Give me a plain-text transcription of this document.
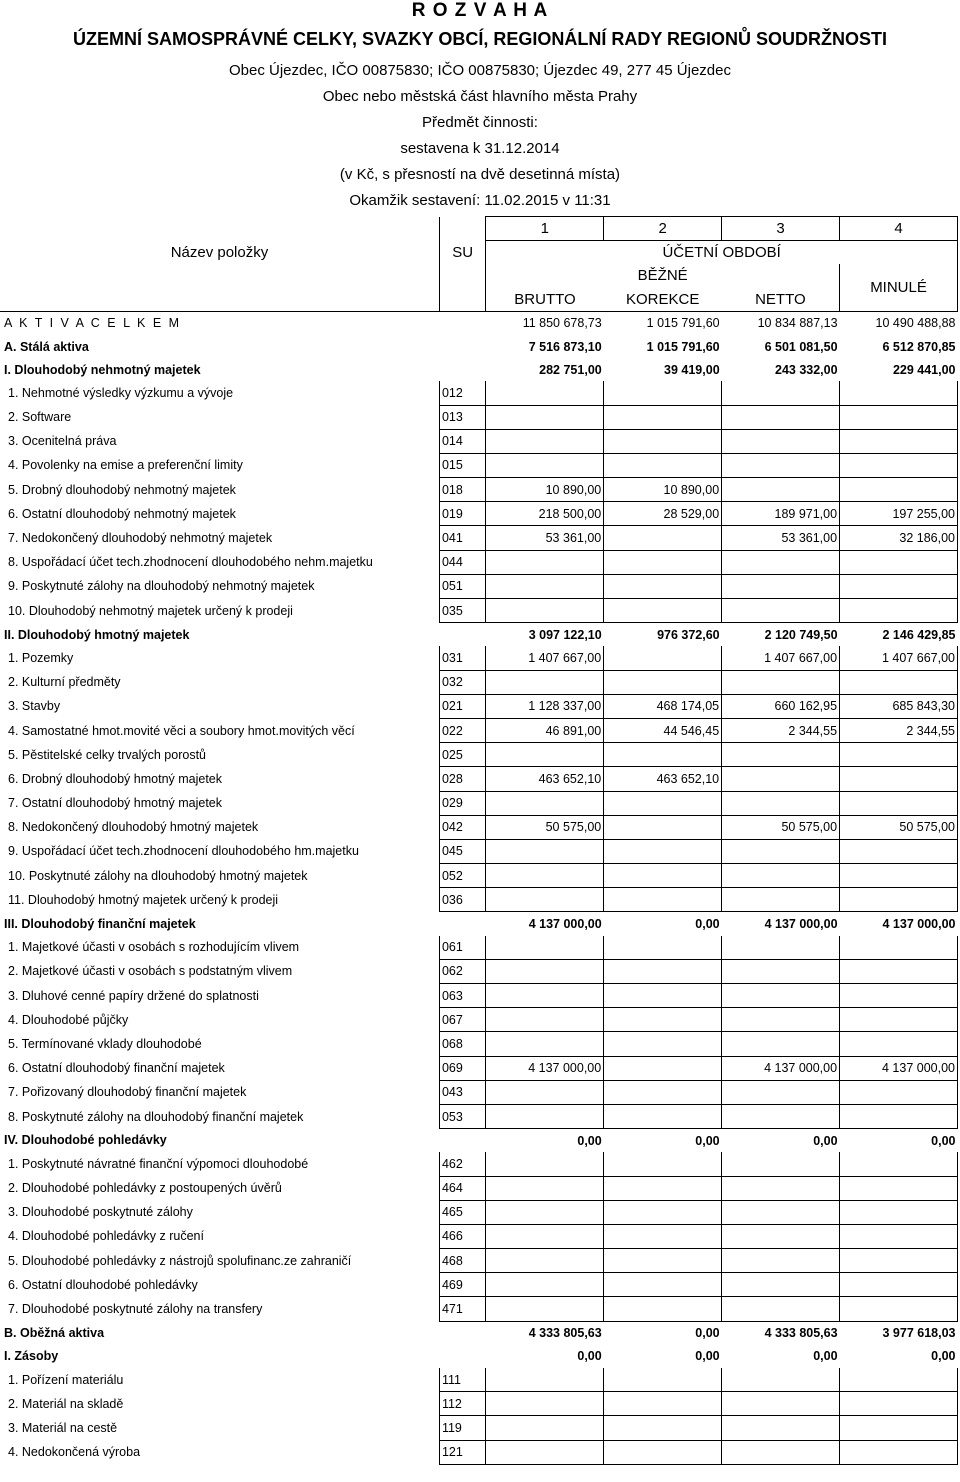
R O Z V A H A
ÚZEMNÍ SAMOSPRÁVNÉ CELKY, SVAZKY OBCÍ, REGIONÁLNÍ RADY REGIONŮ SOUDRŽNOSTI
Obec Újezdec, IČO 00875830; IČO 00875830; Újezdec 49, 277 45 Újezdec
Obec nebo městská část hlavního města Prahy
Předmět činnosti:
sestavena k 31.12.2014
(v Kč, s přesností na dvě desetinná místa)
Okamžik sestavení: 11.02.2015 v 11:31
Název položky	SU	1	2	3	4
		ÚČETNÍ OBDOBÍ			
		BĚŽNÉ			MINULÉ
		BRUTTO	KOREKCE	NETTO	
A K T I V A C E L K E M		11 850 678,73	1 015 791,60	10 834 887,13	10 490 488,88
A. Stálá aktiva		7 516 873,10	1 015 791,60	6 501 081,50	6 512 870,85
I. Dlouhodobý nehmotný majetek		282 751,00	39 419,00	243 332,00	229 441,00
1. Nehmotné výsledky výzkumu a vývoje	012				
2. Software	013				
3. Ocenitelná práva	014				
4. Povolenky na emise a preferenční limity	015				
5. Drobný dlouhodobý nehmotný majetek	018	10 890,00	10 890,00		
6. Ostatní dlouhodobý nehmotný majetek	019	218 500,00	28 529,00	189 971,00	197 255,00
7. Nedokončený dlouhodobý nehmotný majetek	041	53 361,00		53 361,00	32 186,00
8. Uspořádací účet tech.zhodnocení dlouhodobého nehm.majetku	044				
9. Poskytnuté zálohy na dlouhodobý nehmotný majetek	051				
10. Dlouhodobý nehmotný majetek určený k prodeji	035				
II. Dlouhodobý hmotný majetek		3 097 122,10	976 372,60	2 120 749,50	2 146 429,85
1. Pozemky	031	1 407 667,00		1 407 667,00	1 407 667,00
2. Kulturní předměty	032				
3. Stavby	021	1 128 337,00	468 174,05	660 162,95	685 843,30
4. Samostatné hmot.movité věci a soubory hmot.movitých věcí	022	46 891,00	44 546,45	2 344,55	2 344,55
5. Pěstitelské celky trvalých porostů	025				
6. Drobný dlouhodobý hmotný majetek	028	463 652,10	463 652,10		
7. Ostatní dlouhodobý hmotný majetek	029				
8. Nedokončený dlouhodobý hmotný majetek	042	50 575,00		50 575,00	50 575,00
9. Uspořádací účet tech.zhodnocení dlouhodobého hm.majetku	045				
10. Poskytnuté zálohy na dlouhodobý hmotný majetek	052				
11. Dlouhodobý hmotný majetek určený k prodeji	036				
III. Dlouhodobý finanční majetek		4 137 000,00	0,00	4 137 000,00	4 137 000,00
1. Majetkové účasti v osobách s rozhodujícím vlivem	061				
2. Majetkové účasti v osobách s podstatným vlivem	062				
3. Dluhové cenné papíry držené do splatnosti	063				
4. Dlouhodobé půjčky	067				
5. Termínované vklady dlouhodobé	068				
6. Ostatní dlouhodobý finanční majetek	069	4 137 000,00		4 137 000,00	4 137 000,00
7. Pořizovaný dlouhodobý finanční majetek	043				
8. Poskytnuté zálohy na dlouhodobý finanční majetek	053				
IV. Dlouhodobé pohledávky		0,00	0,00	0,00	0,00
1. Poskytnuté návratné finanční výpomoci dlouhodobé	462				
2. Dlouhodobé pohledávky z postoupených úvěrů	464				
3. Dlouhodobé poskytnuté zálohy	465				
4. Dlouhodobé pohledávky z ručení	466				
5. Dlouhodobé pohledávky z nástrojů spolufinanc.ze zahraničí	468				
6. Ostatní dlouhodobé pohledávky	469				
7. Dlouhodobé poskytnuté zálohy na transfery	471				
B. Oběžná aktiva		4 333 805,63	0,00	4 333 805,63	3 977 618,03
I. Zásoby		0,00	0,00	0,00	0,00
1. Pořízení materiálu	111				
2. Materiál na skladě	112				
3. Materiál na cestě	119				
4. Nedokončená výroba	121				
